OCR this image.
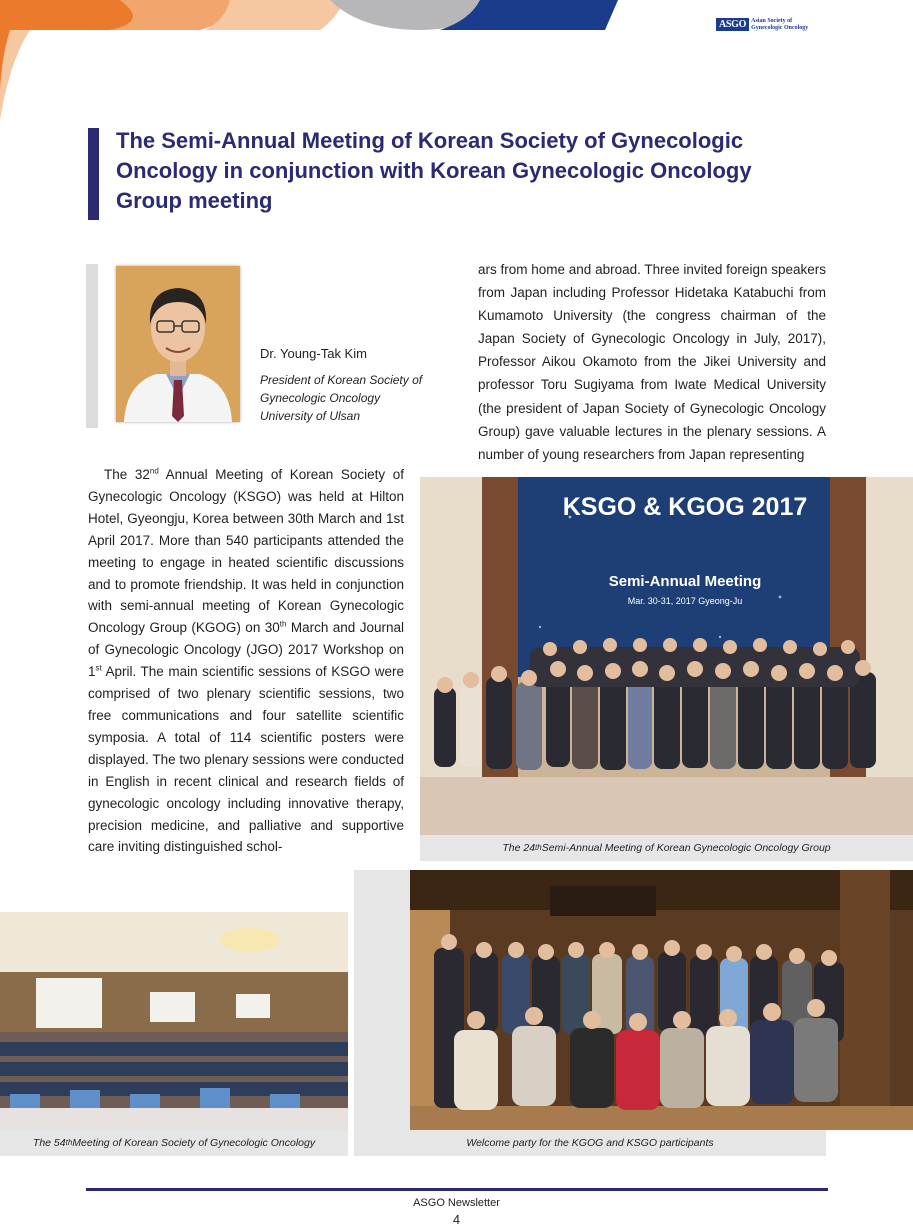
ASGO Asian Society of
Gynecologic Oncology
The Semi-Annual Meeting of Korean Society of Gynecologic Oncology in conjunction with Korean Gynecologic Oncology Group meeting
Dr. Young-Tak Kim
President of Korean Society of Gynecologic Oncology
University of Ulsan

ars from home and abroad. Three invited foreign speakers from Japan including Professor Hidetaka Katabuchi from Kumamoto University (the congress chairman of the Japan Society of Gynecologic Oncology in July, 2017), Professor Aikou Okamoto from the Jikei University and professor Toru Sugiyama from Iwate Medical University (the president of Japan Society of Gynecologic Oncology Group) gave valuable lectures in the plenary sessions. A number of young researchers from Japan representing

The 32nd Annual Meeting of Korean Society of Gynecologic Oncology (KSGO) was held at Hilton Hotel, Gyeongju, Korea between 30th March and 1st April 2017. More than 540 participants attended the meeting to engage in heated scientific discussions and to promote friendship. It was held in conjunction with semi-annual meeting of Korean Gynecologic Oncology Group (KGOG) on 30th March and Journal of Gynecologic Oncology (JGO) 2017 Workshop on 1st April. The main scientific sessions of KSGO were comprised of two plenary scientific sessions, two free communications and four satellite scientific symposia. A total of 114 scientific posters were displayed. The two plenary sessions were conducted in English in recent clinical and research fields of gynecologic oncology including innovative therapy, precision medicine, and palliative and supportive care inviting distinguished schol-

KSGO & KGOG 2017
Semi-Annual Meeting
Mar. 30-31, 2017 Gyeong-Ju
The 24 th Semi-Annual Meeting of Korean Gynecologic Oncology Group
The 54 th Meeting of Korean Society of Gynecologic Oncology	Welcome party for the KGOG and KSGO participants
ASGO Newsletter
4
